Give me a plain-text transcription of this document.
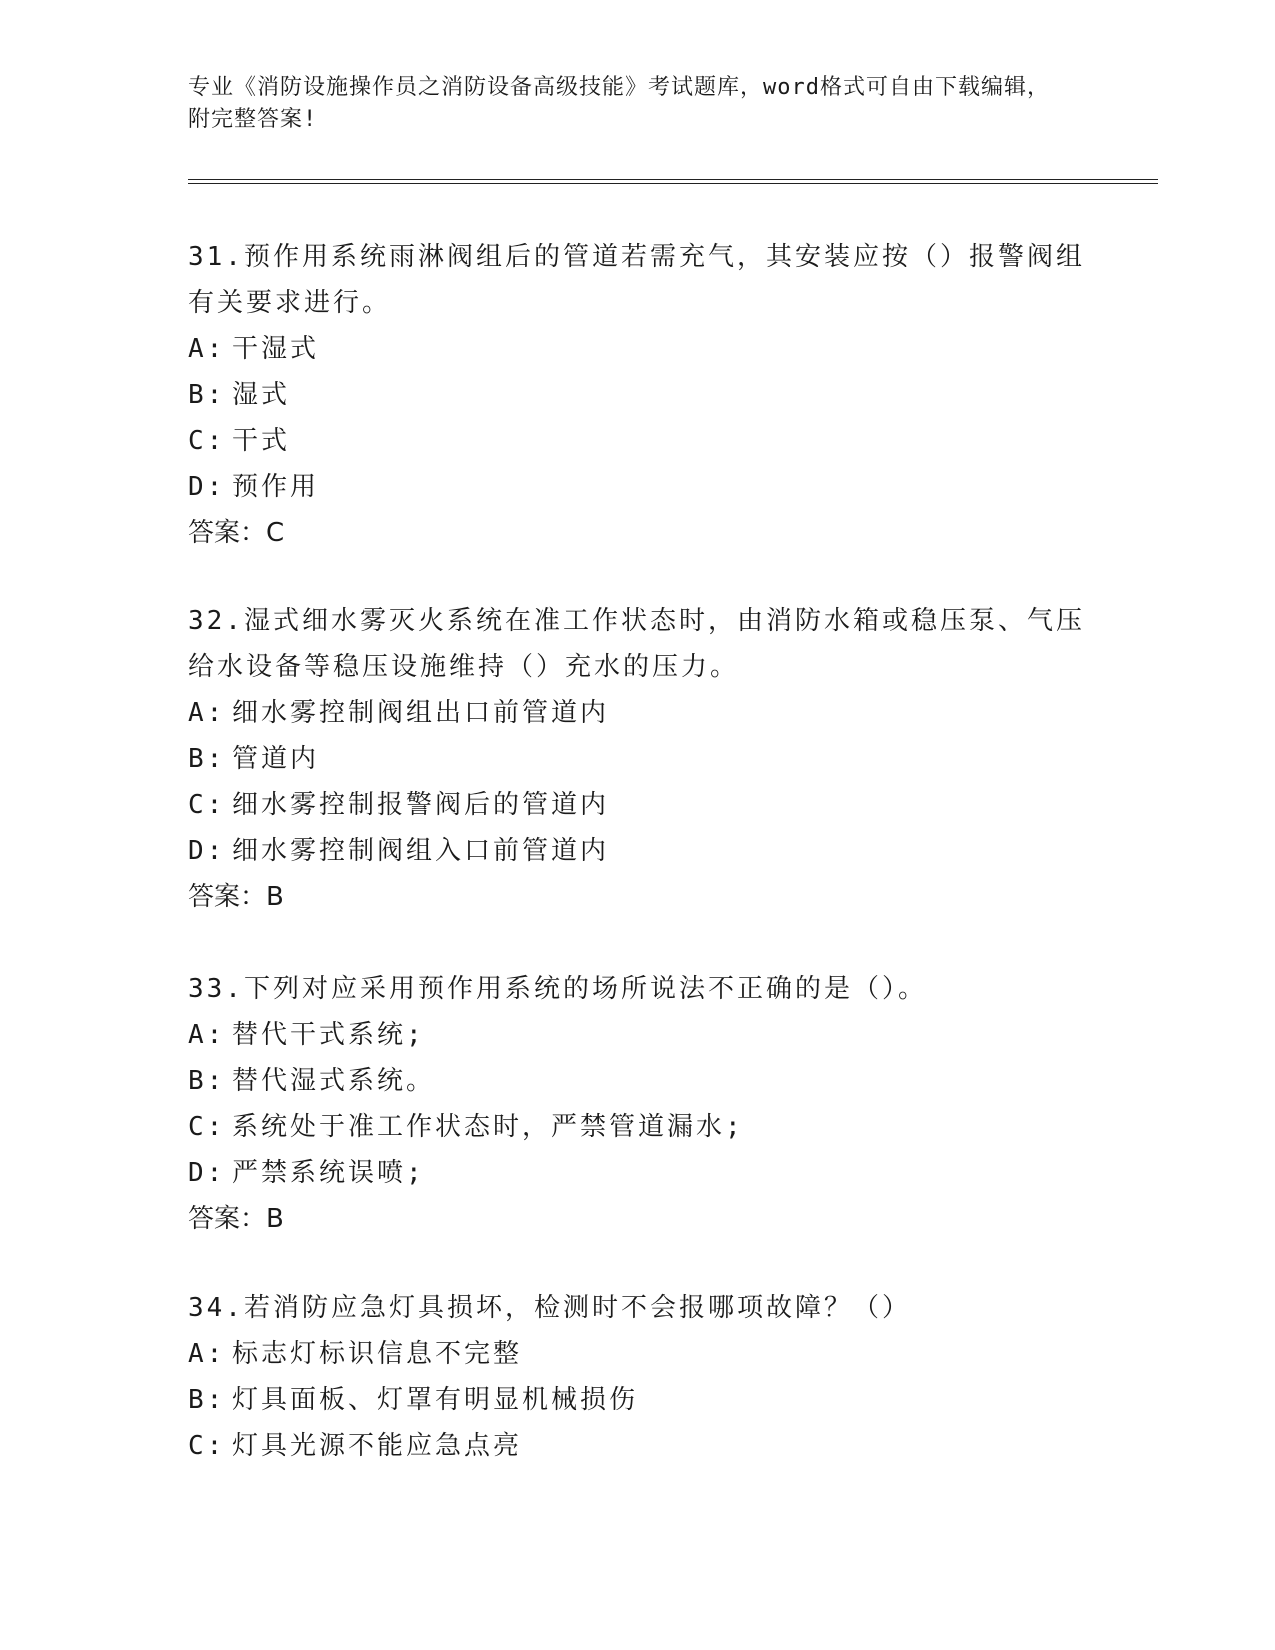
专业《消防设施操作员之消防设备高级技能》考试题库，word格式可自由下载编辑，附完整答案!
31.预作用系统雨淋阀组后的管道若需充气，其安装应按（）报警阀组有关要求进行。
A: 干湿式
B: 湿式
C: 干式
D: 预作用
答案：C
32.湿式细水雾灭火系统在准工作状态时，由消防水箱或稳压泵、气压给水设备等稳压设施维持（）充水的压力。
A: 细水雾控制阀组出口前管道内
B: 管道内
C: 细水雾控制报警阀后的管道内
D: 细水雾控制阀组入口前管道内
答案：B
33.下列对应采用预作用系统的场所说法不正确的是（）。
A: 替代干式系统;
B: 替代湿式系统。
C: 系统处于准工作状态时，严禁管道漏水;
D: 严禁系统误喷;
答案：B
34.若消防应急灯具损坏，检测时不会报哪项故障？（）
A: 标志灯标识信息不完整
B: 灯具面板、灯罩有明显机械损伤
C: 灯具光源不能应急点亮
